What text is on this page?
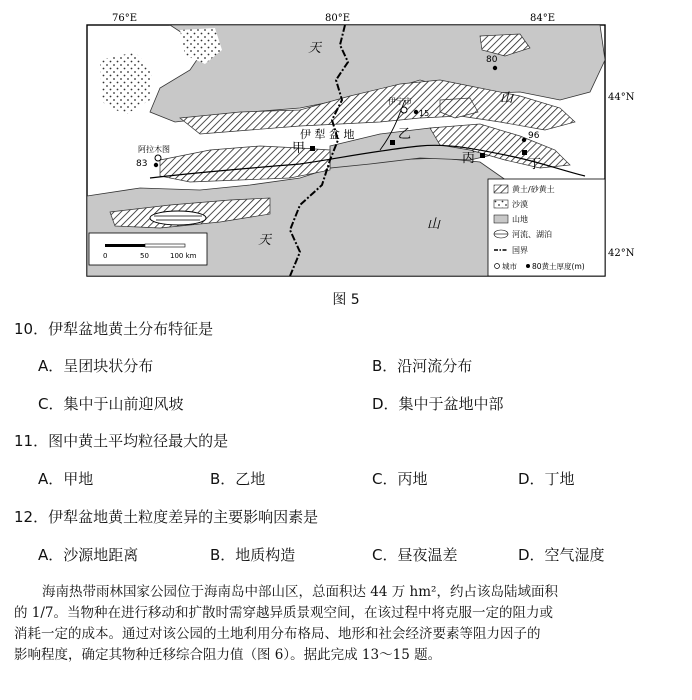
76°E	80°E	84°E
44°N
42°N
天
山
天
山
伊 犁 盆 地
阿拉木图
伊宁市
甲
乙
丙	丁
80
83
96
15
0	50	100 km
黄土/砂黄土
沙漠
山地
河流、湖泊
国界
城市 80黄土厚度(m)
图 5
10．伊犁盆地黄土分布特征是
A．呈团块状分布	B．沿河流分布
C．集中于山前迎风坡	D．集中于盆地中部
11．图中黄土平均粒径最大的是
A．甲地	B．乙地	C．丙地	D．丁地
12．伊犁盆地黄土粒度差异的主要影响因素是
A．沙源地距离	B．地质构造	C．昼夜温差	D．空气湿度

海南热带雨林国家公园位于海南岛中部山区，总面积达 44 万 hm²，约占该岛陆域面积

的 1/7。当物种在进行移动和扩散时需穿越异质景观空间，在该过程中将克服一定的阻力或

消耗一定的成本。通过对该公园的土地利用分布格局、地形和社会经济要素等阻力因子的

影响程度，确定其物种迁移综合阻力值（图 6）。据此完成 13～15 题。
